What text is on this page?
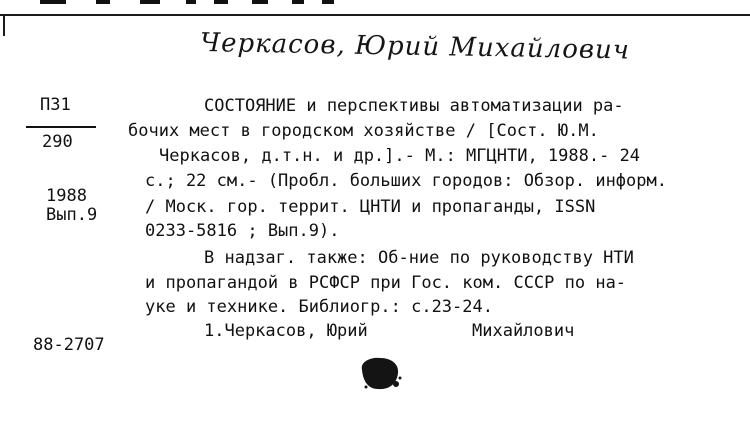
Черкасов, Юрий Михайлович
П31
290
1988
Вып.9
88-2707
СОСТОЯНИЕ и перспективы автоматизации ра-
бочих мест в городском хозяйстве / [Сост. Ю.М.
Черкасов, д.т.н. и др.].- М.: МГЦНТИ, 1988.- 24
с.; 22 см.- (Пробл. больших городов: Обзор. информ.
/ Моск. гор. террит. ЦНТИ и пропаганды, ISSN
0233-5816 ; Вып.9).
В надзаг. также: Об-ние по руководству НТИ
и пропагандой в РСФСР при Гос. ком. СССР по на-
уке и технике. Библиогр.: с.23-24.
1.Черкасов, Юрий	Михайлович
